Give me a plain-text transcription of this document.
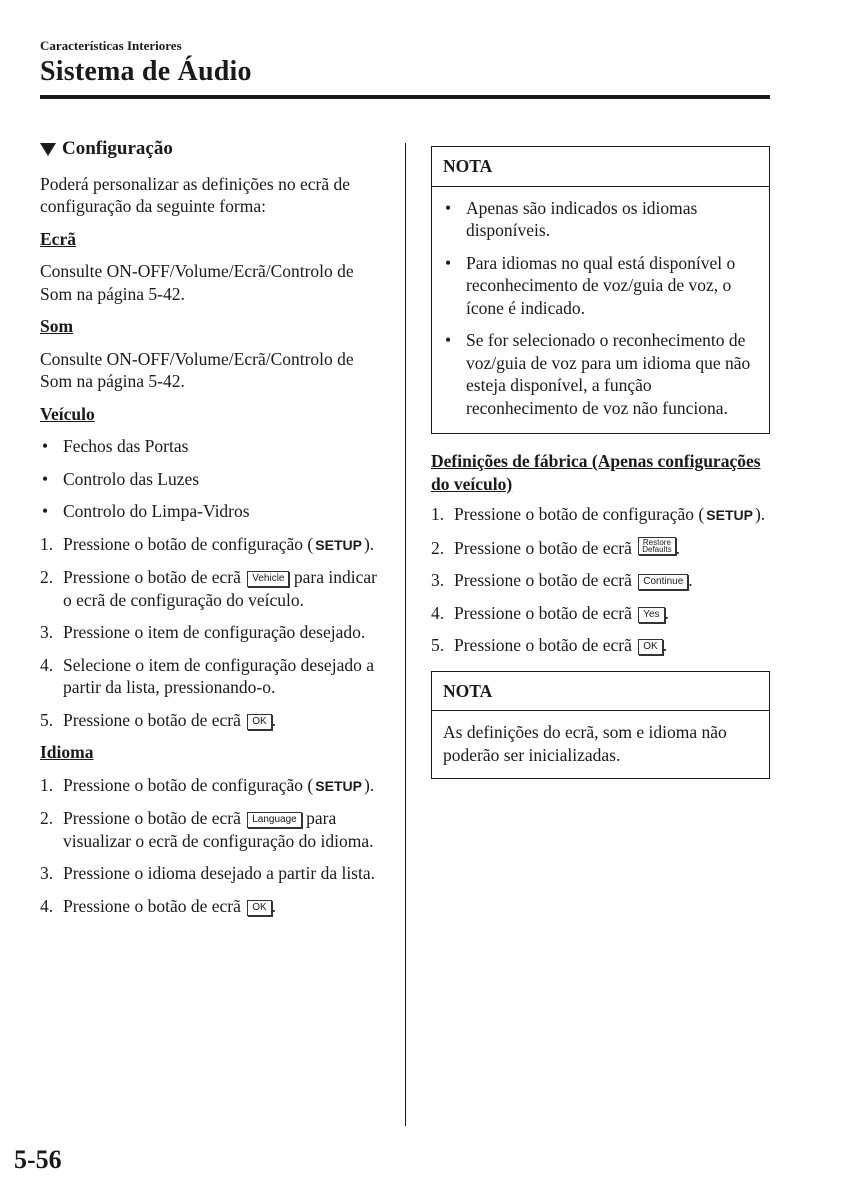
Características Interiores
Sistema de Áudio
Configuração

Poderá personalizar as definições no ecrã de configuração da seguinte forma:

Ecrã

Consulte ON-OFF/Volume/Ecrã/Controlo de Som na página 5-42.

Som

Consulte ON-OFF/Volume/Ecrã/Controlo de Som na página 5-42.

Veículo
• Fechos das Portas
• Controlo das Luzes
• Controlo do Limpa-Vidros
1. Pressione o botão de configuração ( SETUP ).
2. Pressione o botão de ecrã Vehicle para indicar o ecrã de configuração do veículo.
3. Pressione o item de configuração desejado.
4. Selecione o item de configuração desejado a partir da lista, pressionando-o.
5. Pressione o botão de ecrã OK .
Idioma
1. Pressione o botão de configuração ( SETUP ).
2. Pressione o botão de ecrã Language para visualizar o ecrã de configuração do idioma.
3. Pressione o idioma desejado a partir da lista.
4. Pressione o botão de ecrã OK .
NOTA
• Apenas são indicados os idiomas disponíveis.
• Para idiomas no qual está disponível o reconhecimento de voz/guia de voz, o ícone é indicado.
• Se for selecionado o reconhecimento de voz/guia de voz para um idioma que não esteja disponível, a função reconhecimento de voz não funciona.
Definições de fábrica (Apenas configurações do veículo)
1. Pressione o botão de configuração ( SETUP ).
2. Pressione o botão de ecrã Restore
Defaults .
3. Pressione o botão de ecrã Continue .
4. Pressione o botão de ecrã Yes .
5. Pressione o botão de ecrã OK .
NOTA

As definições do ecrã, som e idioma não poderão ser inicializadas.

5-56
